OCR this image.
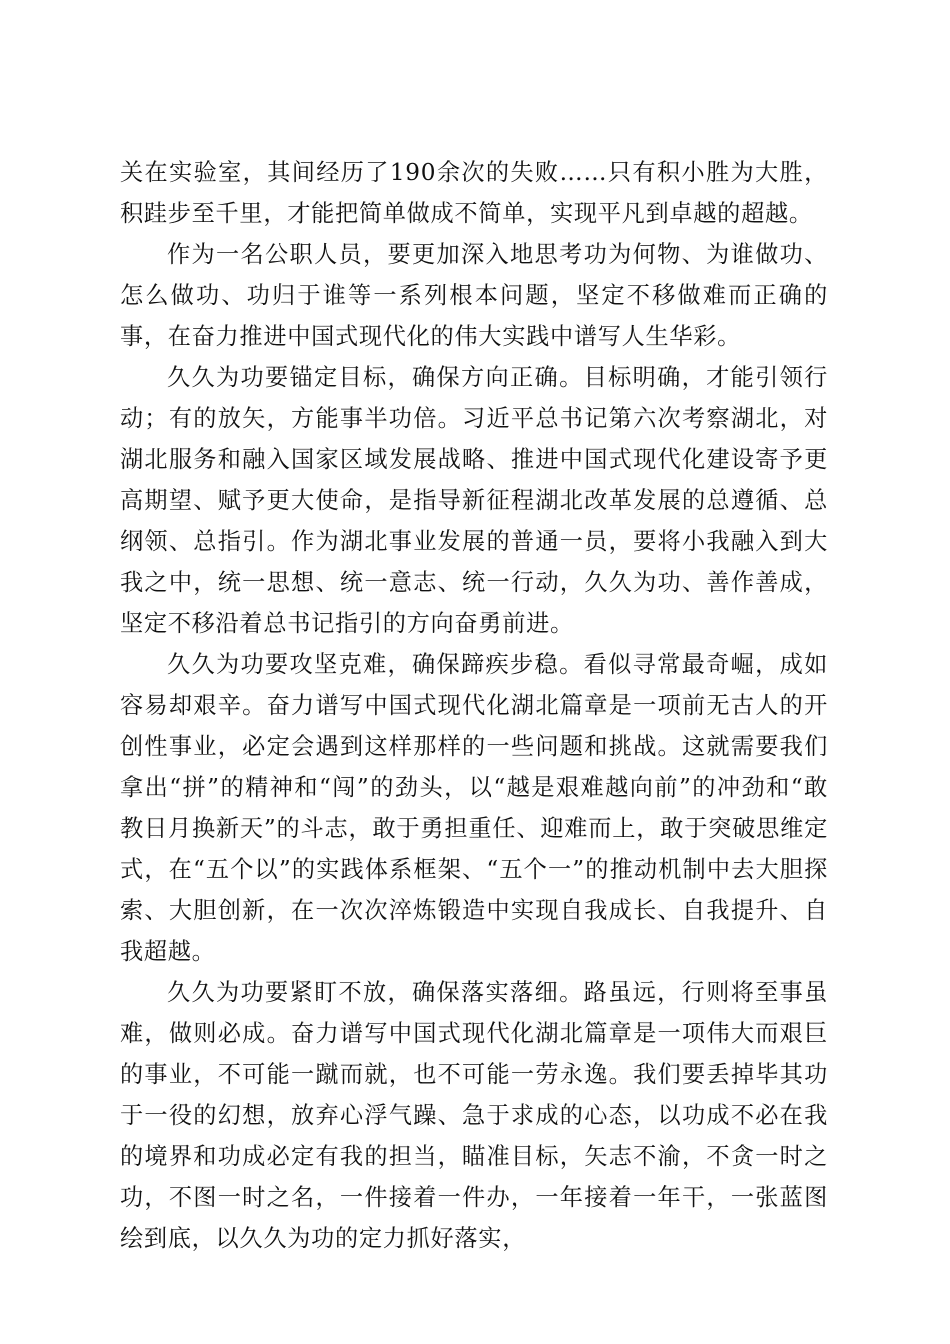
关在实验室，其间经历了190余次的失败……只有积小胜为大胜，积跬步至千里，才能把简单做成不简单，实现平凡到卓越的超越。

作为一名公职人员，要更加深入地思考功为何物、为谁做功、怎么做功、功归于谁等一系列根本问题，坚定不移做难而正确的事，在奋力推进中国式现代化的伟大实践中谱写人生华彩。

久久为功要锚定目标，确保方向正确。目标明确，才能引领行动；有的放矢，方能事半功倍。习近平总书记第六次考察湖北，对湖北服务和融入国家区域发展战略、推进中国式现代化建设寄予更高期望、赋予更大使命，是指导新征程湖北改革发展的总遵循、总纲领、总指引。作为湖北事业发展的普通一员，要将小我融入到大我之中，统一思想、统一意志、统一行动，久久为功、善作善成，坚定不移沿着总书记指引的方向奋勇前进。

久久为功要攻坚克难，确保蹄疾步稳。看似寻常最奇崛，成如容易却艰辛。奋力谱写中国式现代化湖北篇章是一项前无古人的开创性事业，必定会遇到这样那样的一些问题和挑战。这就需要我们拿出“拼”的精神和“闯”的劲头，以“越是艰难越向前”的冲劲和“敢教日月换新天”的斗志，敢于勇担重任、迎难而上，敢于突破思维定式，在“五个以”的实践体系框架、“五个一”的推动机制中去大胆探索、大胆创新，在一次次淬炼锻造中实现自我成长、自我提升、自我超越。

久久为功要紧盯不放，确保落实落细。路虽远，行则将至事虽难，做则必成。奋力谱写中国式现代化湖北篇章是一项伟大而艰巨的事业，不可能一蹴而就，也不可能一劳永逸。我们要丢掉毕其功于一役的幻想，放弃心浮气躁、急于求成的心态，以功成不必在我的境界和功成必定有我的担当，瞄准目标，矢志不渝，不贪一时之功，不图一时之名，一件接着一件办，一年接着一年干，一张蓝图绘到底，以久久为功的定力抓好落实，
